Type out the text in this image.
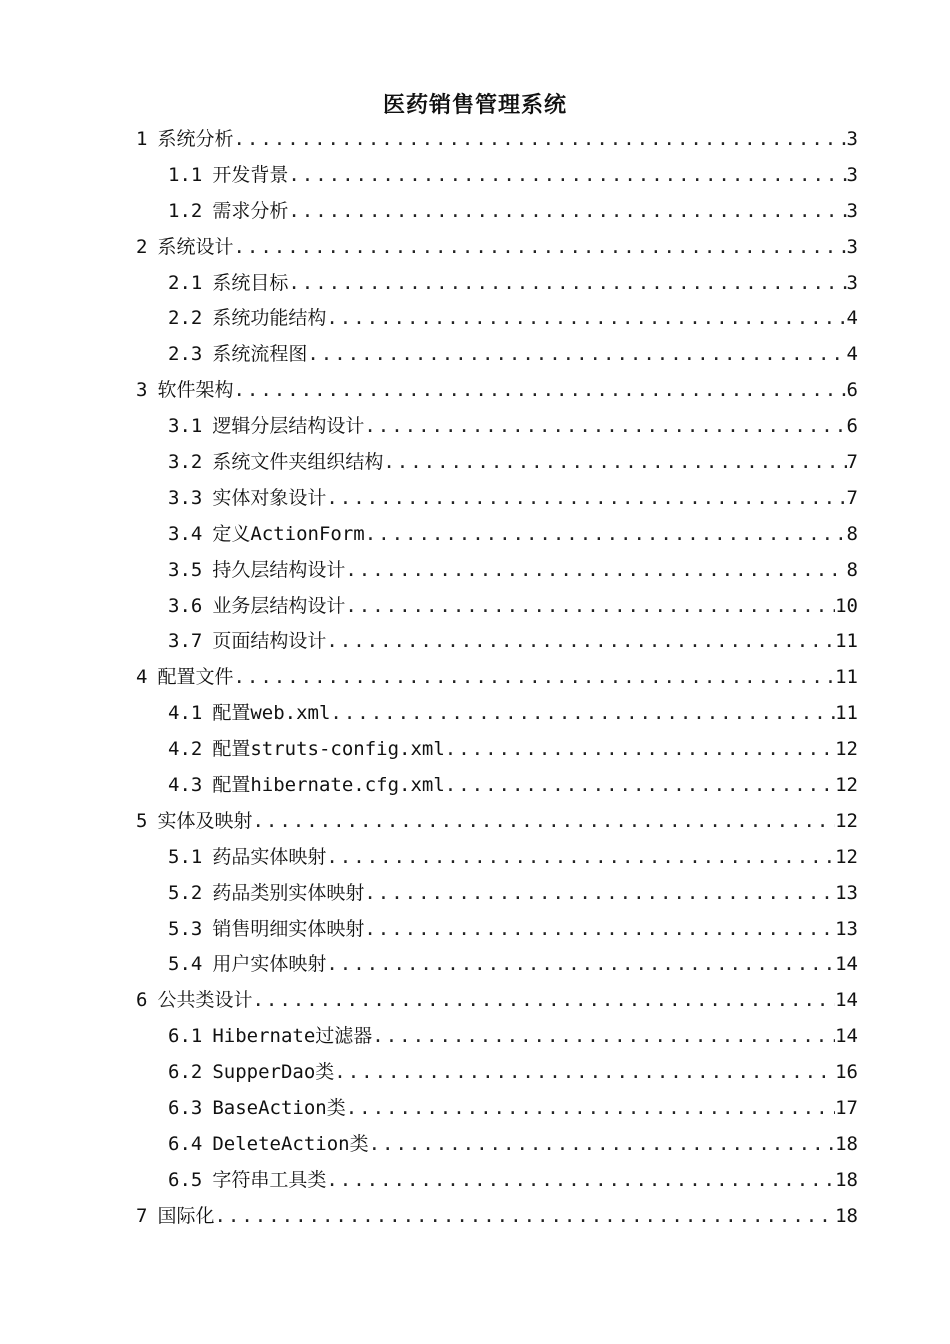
医药销售管理系统
1 系统分析 .....	3
1.1 开发背景 .....	3
1.2 需求分析 .....	3
2 系统设计 .....	3
2.1 系统目标 .....	3
2.2 系统功能结构 .....	4
2.3 系统流程图 .....	4
3 软件架构 .....	6
3.1 逻辑分层结构设计 .....	6
3.2 系统文件夹组织结构 .....	7
3.3 实体对象设计 .....	7
3.4 定义ActionForm .....	8
3.5 持久层结构设计 .....	8
3.6 业务层结构设计 .....	10
3.7 页面结构设计 .....	11
4 配置文件 .....	11
4.1 配置web.xml .....	11
4.2 配置struts-config.xml .....	12
4.3 配置hibernate.cfg.xml .....	12
5 实体及映射 .....	12
5.1 药品实体映射 .....	12
5.2 药品类别实体映射 .....	13
5.3 销售明细实体映射 .....	13
5.4 用户实体映射 .....	14
6 公共类设计 .....	14
6.1 Hibernate过滤器 .....	14
6.2 SupperDao类 .....	16
6.3 BaseAction类 .....	17
6.4 DeleteAction类 .....	18
6.5 字符串工具类 .....	18
7 国际化 .....	18
